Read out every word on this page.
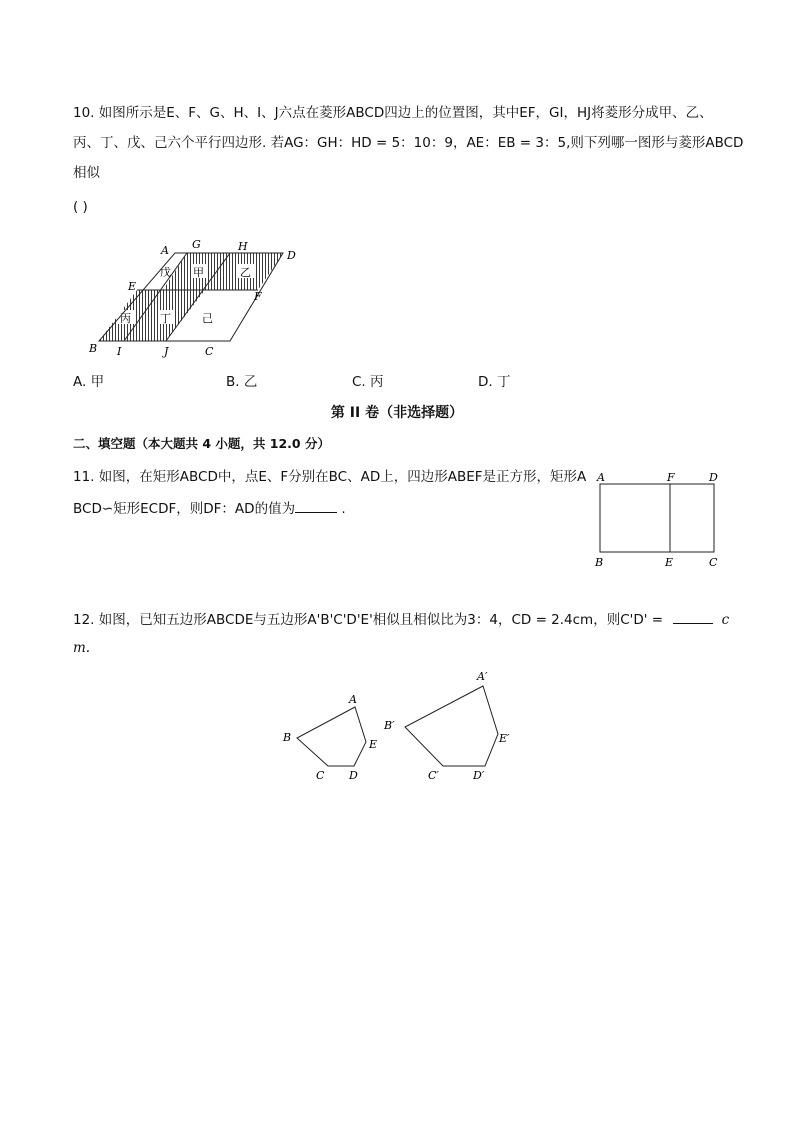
10. 如图所示是E、F、G、H、I、J六点在菱形ABCD四边上的位置图，其中EF，GI，HJ将菱形分成甲、乙、
丙、丁、戊、己六个平行四边形. 若AG：GH：HD = 5：10：9，AE：EB = 3：5,则下列哪一图形与菱形ABCD
相似
( )
A G	H
D
E
F
B I	J	C
戊 甲	乙
丙	丁	己
A. 甲	B. 乙	C. 丙	D. 丁
第 II 卷（非选择题）
二、填空题（本大题共 4 小题，共 12.0 分）
11. 如图，在矩形ABCD中，点E、F分别在BC、AD上，四边形ABEF是正方形，矩形A
BCD∽矩形ECDF，则DF：AD的值为	.
A	F	D
B	E	C
12. 如图，已知五边形ABCDE与五边形A'B'C'D'E'相似且相似比为3：4，CD = 2.4cm，则C'D' =	c
m.
A
B
C D
E
A′
B′
C′	D′
E′
